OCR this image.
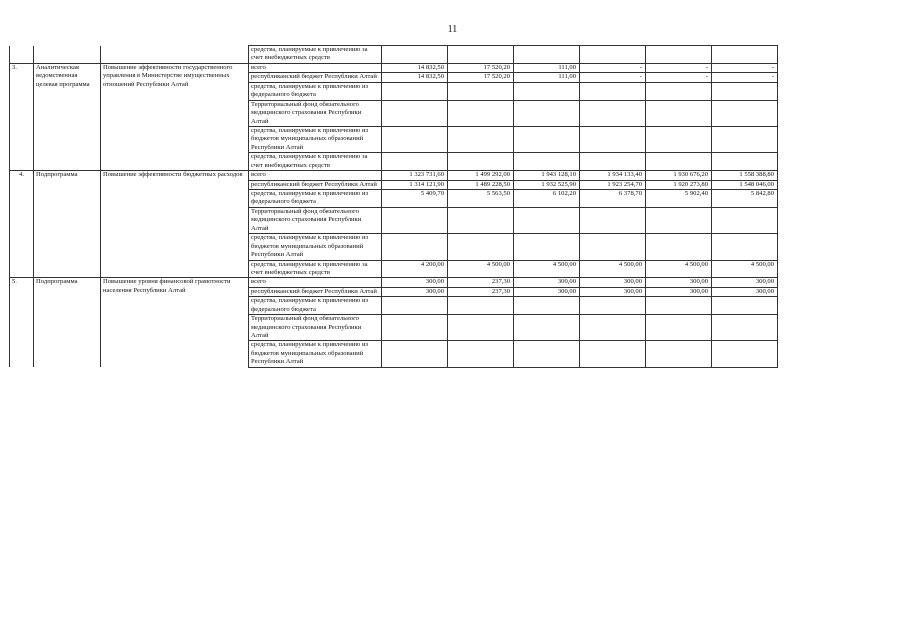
11
			средства, планируемые к привлечению за счет внебюджетных средств						
3.	Аналитическая ведомственная целевая программа	Повышение эффективности государственного управления в Министерстве имущественных отношений Республики Алтай	всего	14 832,50	17 520,20	111,00	-	-	-
			республиканский бюджет Республики Алтай	14 832,50	17 520,20	111,00	-	-	-
			средства, планируемые к привлечению из федерального бюджета						
			Территориальный фонд обязательного медицинского страхования Республики Алтай						
			средства, планируемые к привлечению из бюджетов муниципальных образований Республики Алтай						
			средства, планируемые к привлечению за счет внебюджетных средств						
4.	Подпрограмма	Повышение эффективности бюджетных расходов	всего	1 323 731,60	1 499 292,00	1 943 128,10	1 934 133,40	1 930 676,20	1 558 388,80
			республиканский бюджет Республики Алтай	1 314 121,90	1 489 228,50	1 932 525,90	1 923 254,70	1 920 273,80	1 548 046,00
			средства, планируемые к привлечению из федерального бюджета	5 409,70	5 563,50	6 102,20	6 378,70	5 902,40	5 842,80
			Территориальный фонд обязательного медицинского страхования Республики Алтай						
			средства, планируемые к привлечению из бюджетов муниципальных образований Республики Алтай						
			средства, планируемые к привлечению за счет внебюджетных средств	4 200,00	4 500,00	4 500,00	4 500,00	4 500,00	4 500,00
5.	Подпрограмма	Повышение уровня финансовой грамотности населения Республики Алтай	всего	300,00	237,30	300,00	300,00	300,00	300,00
			республиканский бюджет Республики Алтай	300,00	237,30	300,00	300,00	300,00	300,00
			средства, планируемые к привлечению из федерального бюджета						
			Территориальный фонд обязательного медицинского страхования Республики Алтай						
			средства, планируемые к привлечению из бюджетов муниципальных образований Республики Алтай						
